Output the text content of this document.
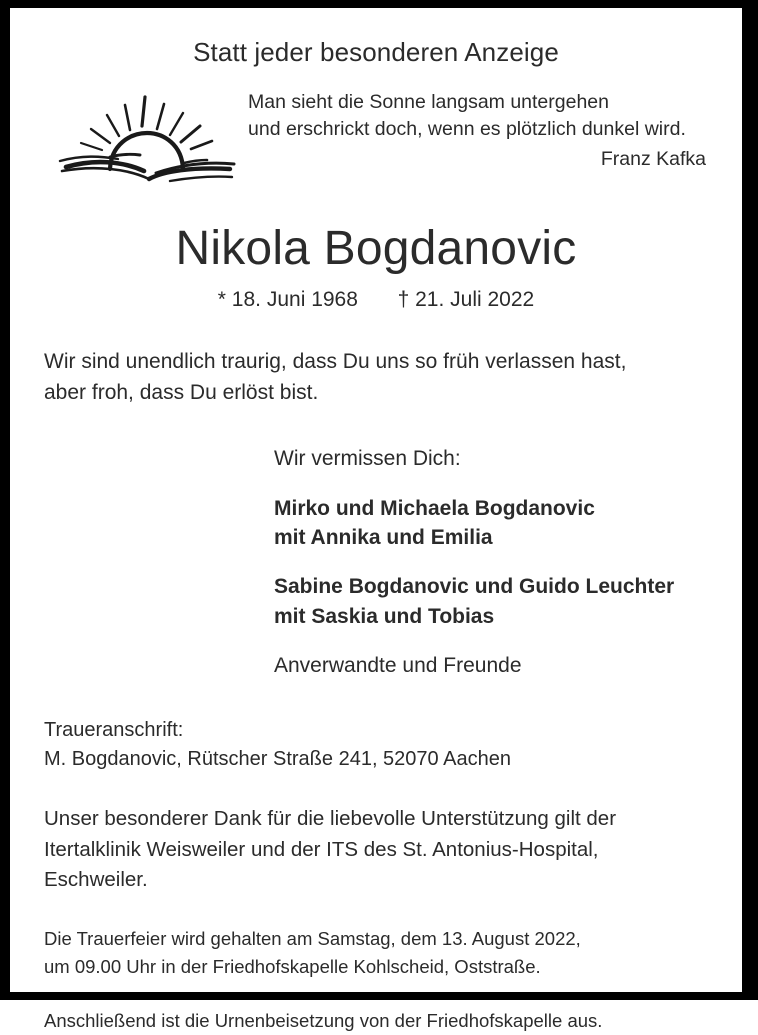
Statt jeder besonderen Anzeige
Man sieht die Sonne langsam untergehen
und erschrickt doch, wenn es plötzlich dunkel wird.
Franz Kafka
Nikola Bogdanovic
* 18. Juni 1968 † 21. Juli 2022
Wir sind unendlich traurig, dass Du uns so früh verlassen hast,
aber froh, dass Du erlöst bist.
Wir vermissen Dich:
Mirko und Michaela Bogdanovic
mit Annika und Emilia
Sabine Bogdanovic und Guido Leuchter
mit Saskia und Tobias
Anverwandte und Freunde
Traueranschrift:
M. Bogdanovic, Rütscher Straße 241, 52070 Aachen
Unser besonderer Dank für die liebevolle Unterstützung gilt der
Itertalklinik Weisweiler und der ITS des St. Antonius-Hospital,
Eschweiler.
Die Trauerfeier wird gehalten am Samstag, dem 13. August 2022,
um 09.00 Uhr in der Friedhofskapelle Kohlscheid, Oststraße.
Anschließend ist die Urnenbeisetzung von der Friedhofskapelle aus.
